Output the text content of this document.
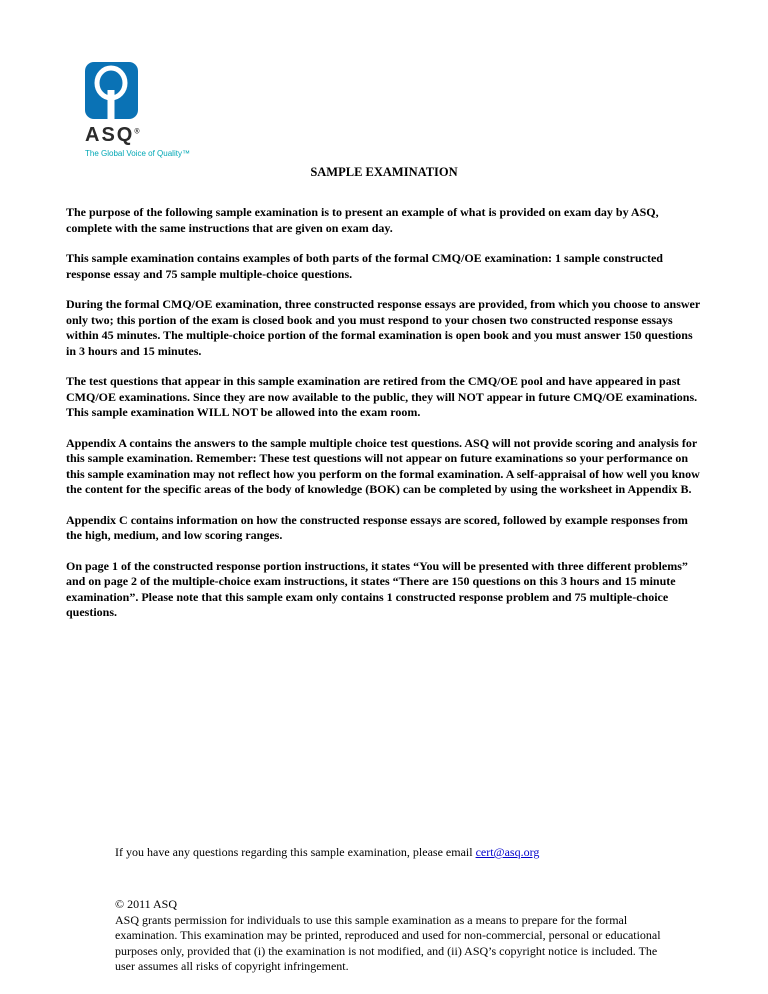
ASQ®
The Global Voice of Quality™
SAMPLE EXAMINATION

The purpose of the following sample examination is to present an example of what is provided on exam day by ASQ, complete with the same instructions that are given on exam day.

This sample examination contains examples of both parts of the formal CMQ/OE examination: 1 sample constructed response essay and 75 sample multiple-choice questions.

During the formal CMQ/OE examination, three constructed response essays are provided, from which you choose to answer only two; this portion of the exam is closed book and you must respond to your chosen two constructed response essays within 45 minutes. The multiple-choice portion of the formal examination is open book and you must answer 150 questions in 3 hours and 15 minutes.

The test questions that appear in this sample examination are retired from the CMQ/OE pool and have appeared in past CMQ/OE examinations. Since they are now available to the public, they will NOT appear in future CMQ/OE examinations. This sample examination WILL NOT be allowed into the exam room.

Appendix A contains the answers to the sample multiple choice test questions. ASQ will not provide scoring and analysis for this sample examination. Remember: These test questions will not appear on future examinations so your performance on this sample examination may not reflect how you perform on the formal examination. A self-appraisal of how well you know the content for the specific areas of the body of knowledge (BOK) can be completed by using the worksheet in Appendix B.

Appendix C contains information on how the constructed response essays are scored, followed by example responses from the high, medium, and low scoring ranges.

On page 1 of the constructed response portion instructions, it states “You will be presented with three different problems” and on page 2 of the multiple-choice exam instructions, it states “There are 150 questions on this 3 hours and 15 minute examination”. Please note that this sample exam only contains 1 constructed response problem and 75 multiple-choice questions.

If you have any questions regarding this sample examination, please email cert@asq.org

© 2011 ASQ

ASQ grants permission for individuals to use this sample examination as a means to prepare for the formal examination. This examination may be printed, reproduced and used for non-commercial, personal or educational purposes only, provided that (i) the examination is not modified, and (ii) ASQ’s copyright notice is included. The user assumes all risks of copyright infringement.
